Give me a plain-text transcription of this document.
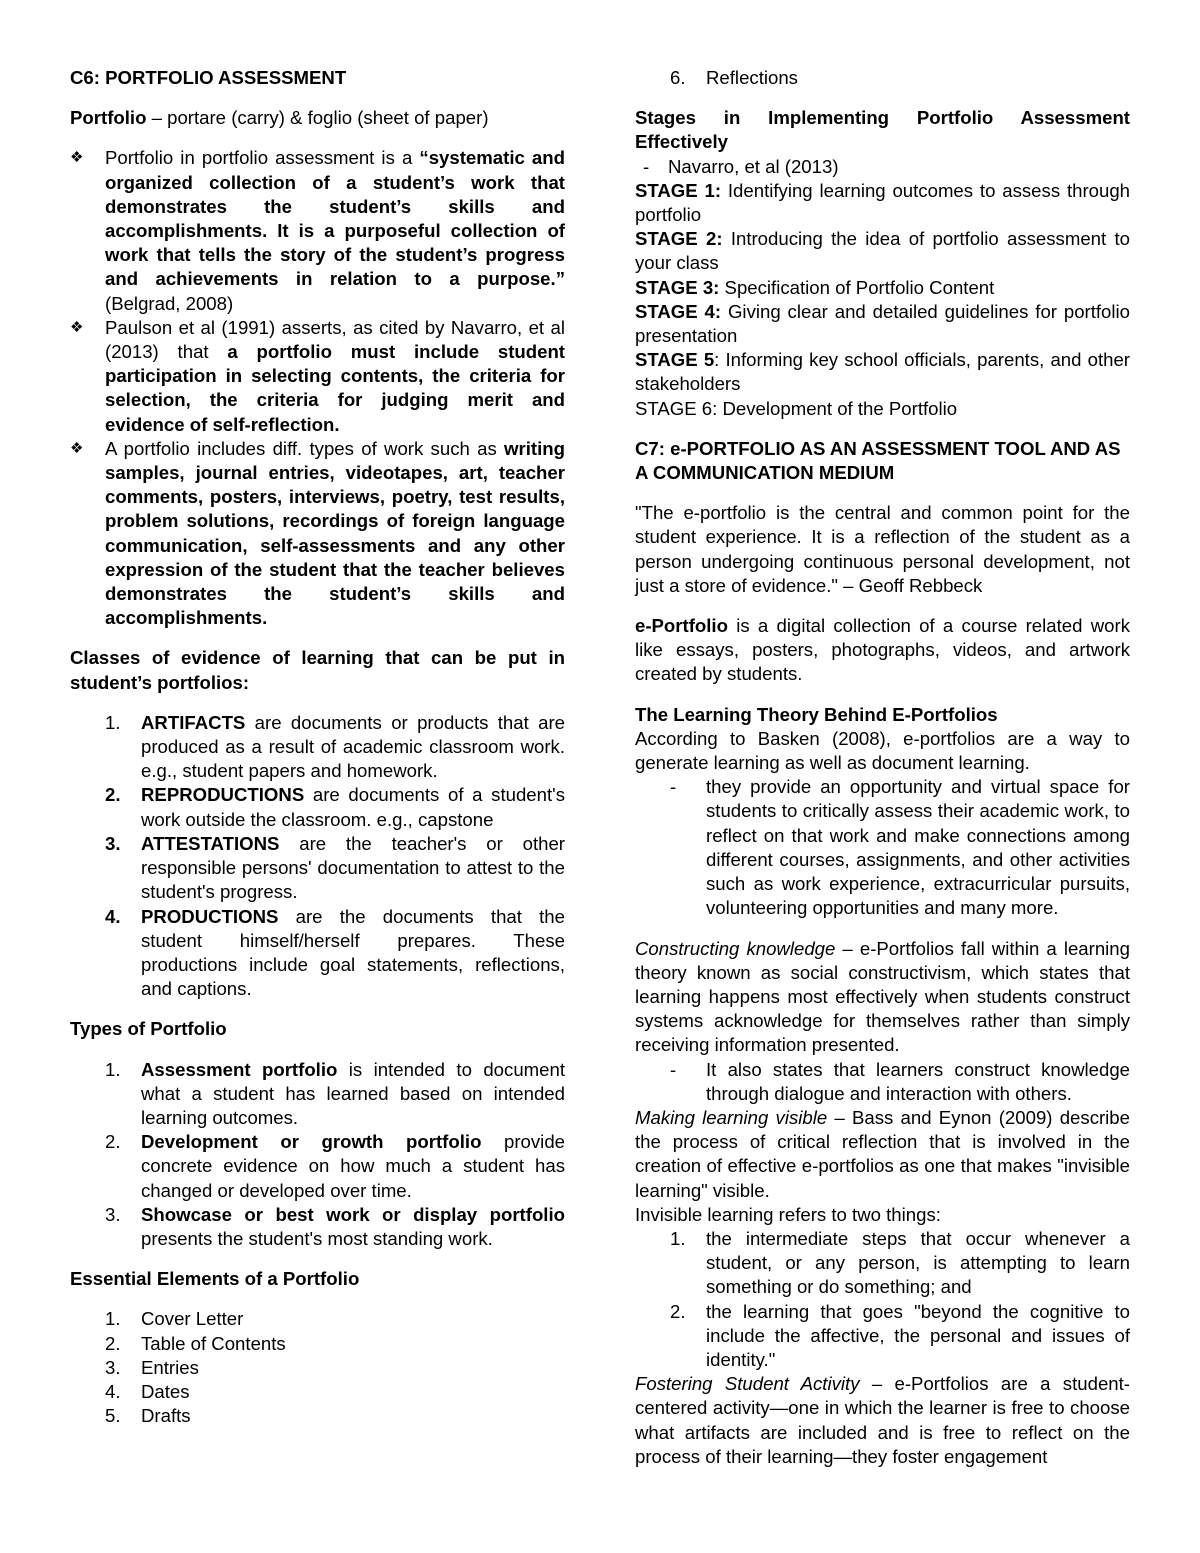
C6: PORTFOLIO ASSESSMENT

Portfolio – portare (carry) & foglio (sheet of paper)

❖ Portfolio in portfolio assessment is a “systematic and organized collection of a student’s work that demonstrates the student’s skills and accomplishments. It is a purposeful collection of work that tells the story of the student’s progress and achievements in relation to a purpose.” (Belgrad, 2008)
❖ Paulson et al (1991) asserts, as cited by Navarro, et al (2013) that a portfolio must include student participation in selecting contents, the criteria for selection, the criteria for judging merit and evidence of self-reflection.
❖ A portfolio includes diff. types of work such as writing samples, journal entries, videotapes, art, teacher comments, posters, interviews, poetry, test results, problem solutions, recordings of foreign language communication, self-assessments and any other expression of the student that the teacher believes demonstrates the student’s skills and accomplishments.

Classes of evidence of learning that can be put in student’s portfolios:

1. ARTIFACTS are documents or products that are produced as a result of academic classroom work. e.g., student papers and homework.
2. REPRODUCTIONS are documents of a student's work outside the classroom. e.g., capstone
3. ATTESTATIONS are the teacher's or other responsible persons' documentation to attest to the student's progress.
4. PRODUCTIONS are the documents that the student himself/herself prepares. These productions include goal statements, reflections, and captions.

Types of Portfolio

1. Assessment portfolio is intended to document what a student has learned based on intended learning outcomes.
2. Development or growth portfolio provide concrete evidence on how much a student has changed or developed over time.
3. Showcase or best work or display portfolio presents the student's most standing work.

Essential Elements of a Portfolio

1. Cover Letter
2. Table of Contents
3. Entries
4. Dates
5. Drafts
6. Reflections

Stages in Implementing Portfolio Assessment Effectively

- Navarro, et al (2013)

STAGE 1: Identifying learning outcomes to assess through portfolio

STAGE 2: Introducing the idea of portfolio assessment to your class

STAGE 3: Specification of Portfolio Content

STAGE 4: Giving clear and detailed guidelines for portfolio presentation

STAGE 5: Informing key school officials, parents, and other stakeholders

STAGE 6: Development of the Portfolio

C7: e-PORTFOLIO AS AN ASSESSMENT TOOL AND AS A COMMUNICATION MEDIUM

"The e-portfolio is the central and common point for the student experience. It is a reflection of the student as a person undergoing continuous personal development, not just a store of evidence." – Geoff Rebbeck

e-Portfolio is a digital collection of a course related work like essays, posters, photographs, videos, and artwork created by students.

The Learning Theory Behind E-Portfolios

According to Basken (2008), e-portfolios are a way to generate learning as well as document learning.

- they provide an opportunity and virtual space for students to critically assess their academic work, to reflect on that work and make connections among different courses, assignments, and other activities such as work experience, extracurricular pursuits, volunteering opportunities and many more.

Constructing knowledge – e-Portfolios fall within a learning theory known as social constructivism, which states that learning happens most effectively when students construct systems acknowledge for themselves rather than simply receiving information presented.

- It also states that learners construct knowledge through dialogue and interaction with others.

Making learning visible – Bass and Eynon (2009) describe the process of critical reflection that is involved in the creation of effective e-portfolios as one that makes "invisible learning" visible.

Invisible learning refers to two things:

1. the intermediate steps that occur whenever a student, or any person, is attempting to learn something or do something; and
2. the learning that goes "beyond the cognitive to include the affective, the personal and issues of identity."

Fostering Student Activity – e-Portfolios are a student-centered activity—one in which the learner is free to choose what artifacts are included and is free to reflect on the process of their learning—they foster engagement
